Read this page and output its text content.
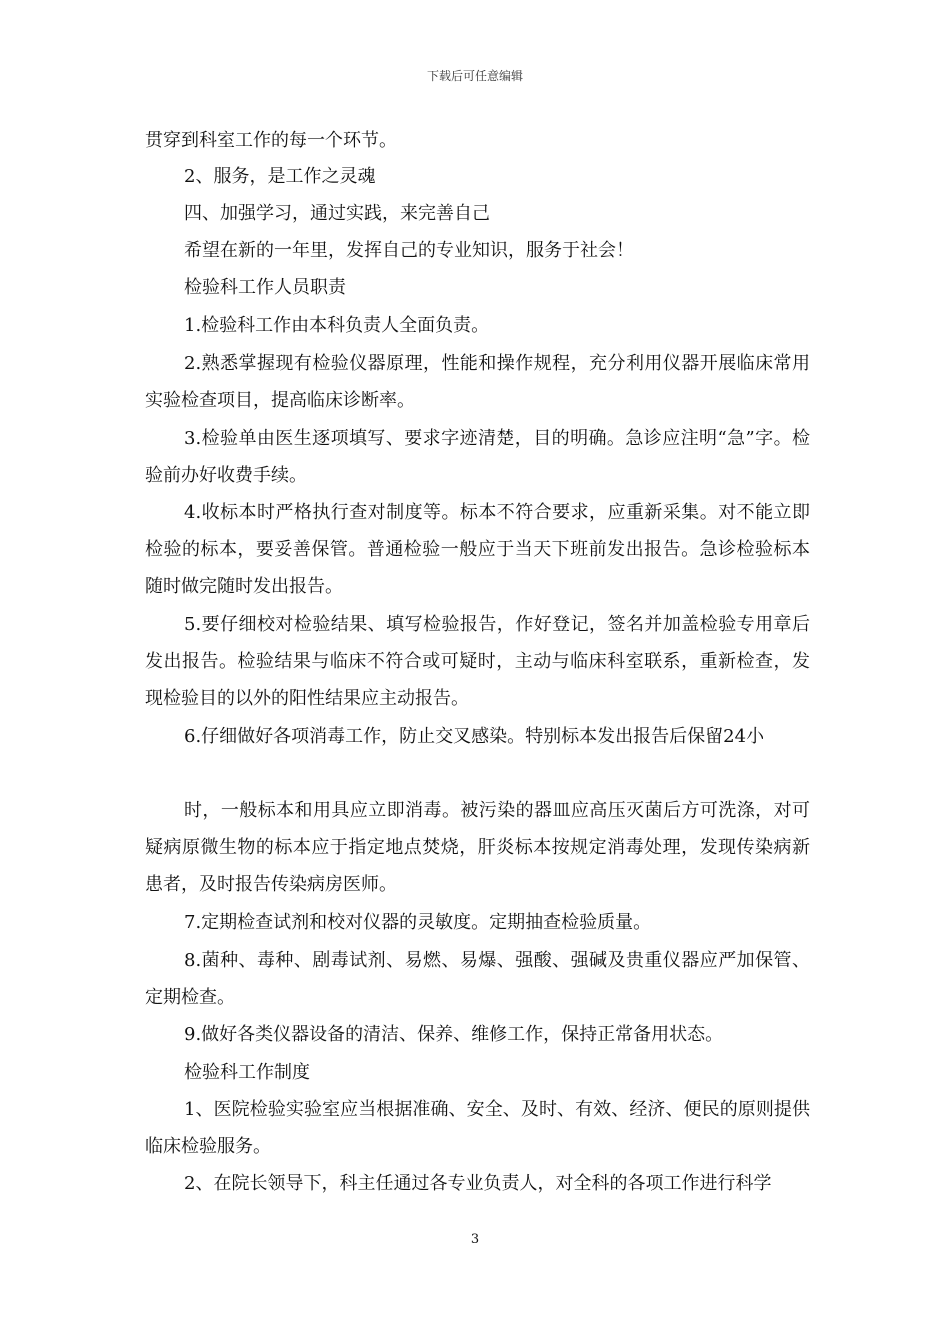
下载后可任意编辑
贯穿到科室工作的每一个环节。
2、服务，是工作之灵魂
四、加强学习，通过实践，来完善自己
希望在新的一年里，发挥自己的专业知识，服务于社会！
检验科工作人员职责
1.检验科工作由本科负责人全面负责。
2.熟悉掌握现有检验仪器原理，性能和操作规程，充分利用仪器开展临床常用实验检查项目，提高临床诊断率。
3.检验单由医生逐项填写、要求字迹清楚，目的明确。急诊应注明“急”字。检验前办好收费手续。
4.收标本时严格执行查对制度等。标本不符合要求，应重新采集。对不能立即检验的标本，要妥善保管。普通检验一般应于当天下班前发出报告。急诊检验标本随时做完随时发出报告。
5.要仔细校对检验结果、填写检验报告，作好登记，签名并加盖检验专用章后发出报告。检验结果与临床不符合或可疑时，主动与临床科室联系，重新检查，发现检验目的以外的阳性结果应主动报告。
6.仔细做好各项消毒工作，防止交叉感染。特别标本发出报告后保留24小
时，一般标本和用具应立即消毒。被污染的器皿应高压灭菌后方可洗涤，对可疑病原微生物的标本应于指定地点焚烧，肝炎标本按规定消毒处理，发现传染病新患者，及时报告传染病房医师。
7.定期检查试剂和校对仪器的灵敏度。定期抽查检验质量。
8.菌种、毒种、剧毒试剂、易燃、易爆、强酸、强碱及贵重仪器应严加保管、定期检查。
9.做好各类仪器设备的清洁、保养、维修工作，保持正常备用状态。
检验科工作制度
1、医院检验实验室应当根据准确、安全、及时、有效、经济、便民的原则提供临床检验服务。
2、在院长领导下，科主任通过各专业负责人，对全科的各项工作进行科学
3
